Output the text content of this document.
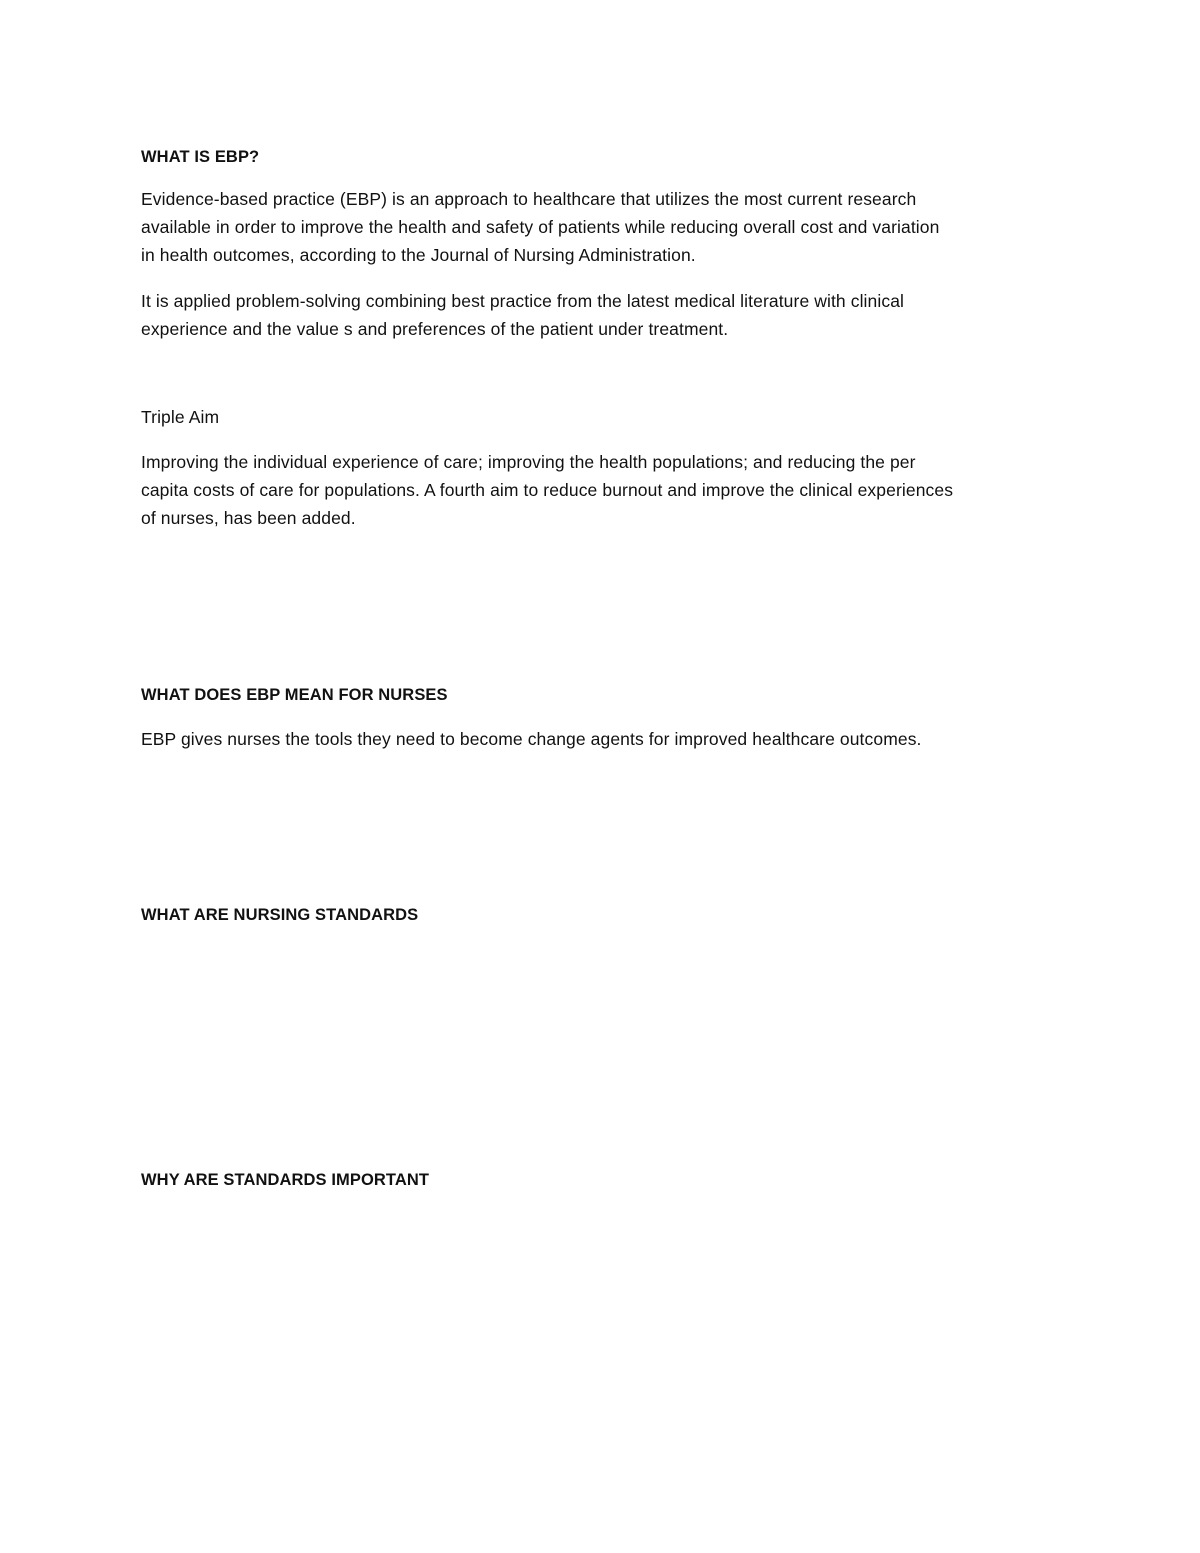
WHAT IS EBP?
Evidence-based practice (EBP) is an approach to healthcare that utilizes the most current research
available in order to improve the health and safety of patients while reducing overall cost and variation
in health outcomes, according to the Journal of Nursing Administration.
It is applied problem-solving combining best practice from the latest medical literature with clinical
experience and the value s and preferences of the patient under treatment.
Triple Aim
Improving the individual experience of care; improving the health populations; and reducing the per
capita costs of care for populations. A fourth aim to reduce burnout and improve the clinical experiences
of nurses, has been added.
WHAT DOES EBP MEAN FOR NURSES
EBP gives nurses the tools they need to become change agents for improved healthcare outcomes.
WHAT ARE NURSING STANDARDS
WHY ARE STANDARDS IMPORTANT
